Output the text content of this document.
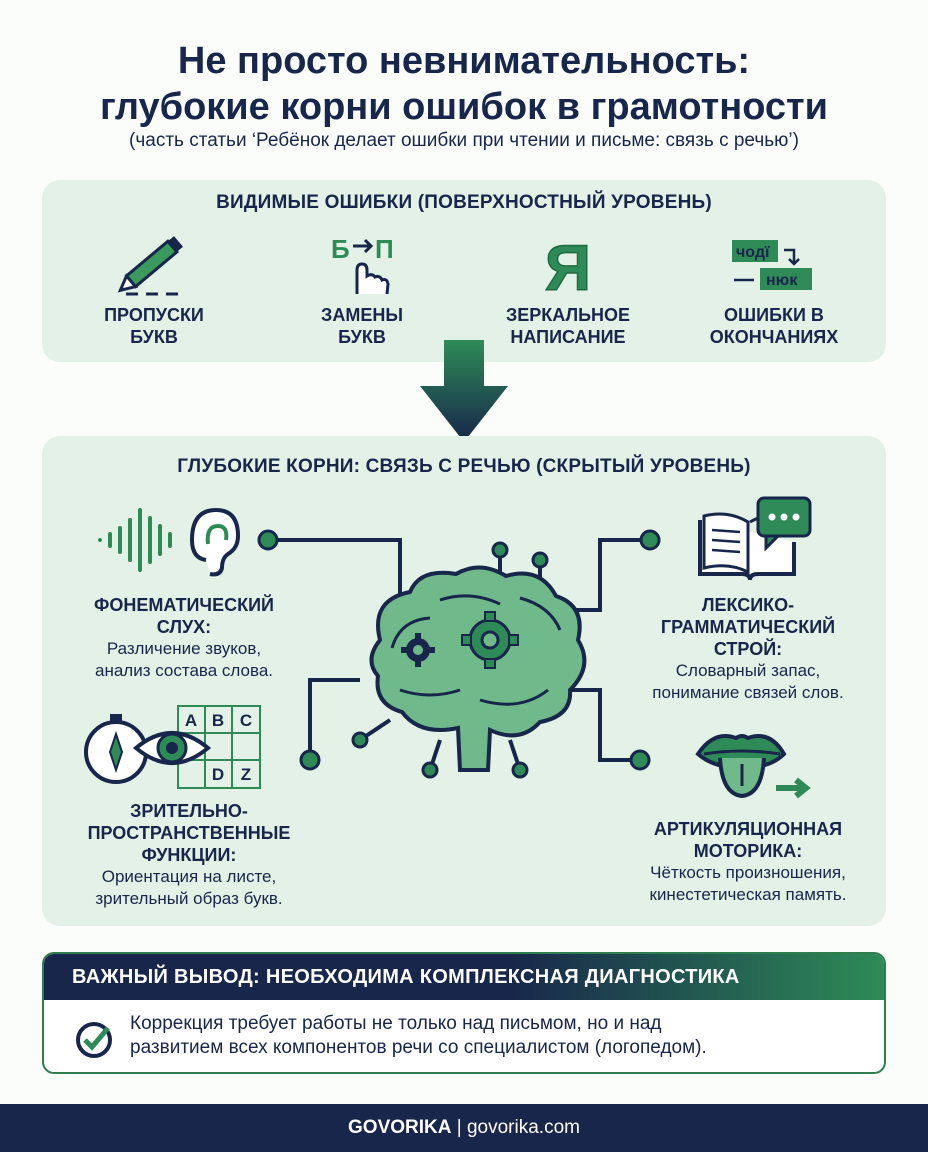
Не просто невнимательность:
глубокие корни ошибок в грамотности
(часть статьи ‘Ребёнок делает ошибки при чтении и письме: связь с речью’)
ВИДИМЫЕ ОШИБКИ (ПОВЕРХНОСТНЫЙ УРОВЕНЬ)
ПРОПУСКИ
БУКВ
Б П
ЗАМЕНЫ
БУКВ
Я
ЗЕРКАЛЬНОЕ
НАПИСАНИЕ
чодї
нюк
ОШИБКИ В
ОКОНЧАНИЯХ
ГЛУБОКИЕ КОРНИ: СВЯЗЬ С РЕЧЬЮ (СКРЫТЫЙ УРОВЕНЬ)
ФОНЕМАТИЧЕСКИЙ
СЛУХ:
Различение звуков,
анализ состава слова.
ЛЕКСИКО-
ГРАММАТИЧЕСКИЙ
СТРОЙ:
Словарный запас,
понимание связей слов.
A B C
D Z
ЗРИТЕЛЬНО-
ПРОСТРАНСТВЕННЫЕ
ФУНКЦИИ:
Ориентация на листе,
зрительный образ букв.
АРТИКУЛЯЦИОННАЯ
МОТОРИКА:
Чёткость произношения,
кинестетическая память.
ВАЖНЫЙ ВЫВОД: НЕОБХОДИМА КОМПЛЕКСНАЯ ДИАГНОСТИКА
Коррекция требует работы не только над письмом, но и над
развитием всех компонентов речи со специалистом (логопедом).
GOVORIKA | govorika.com
